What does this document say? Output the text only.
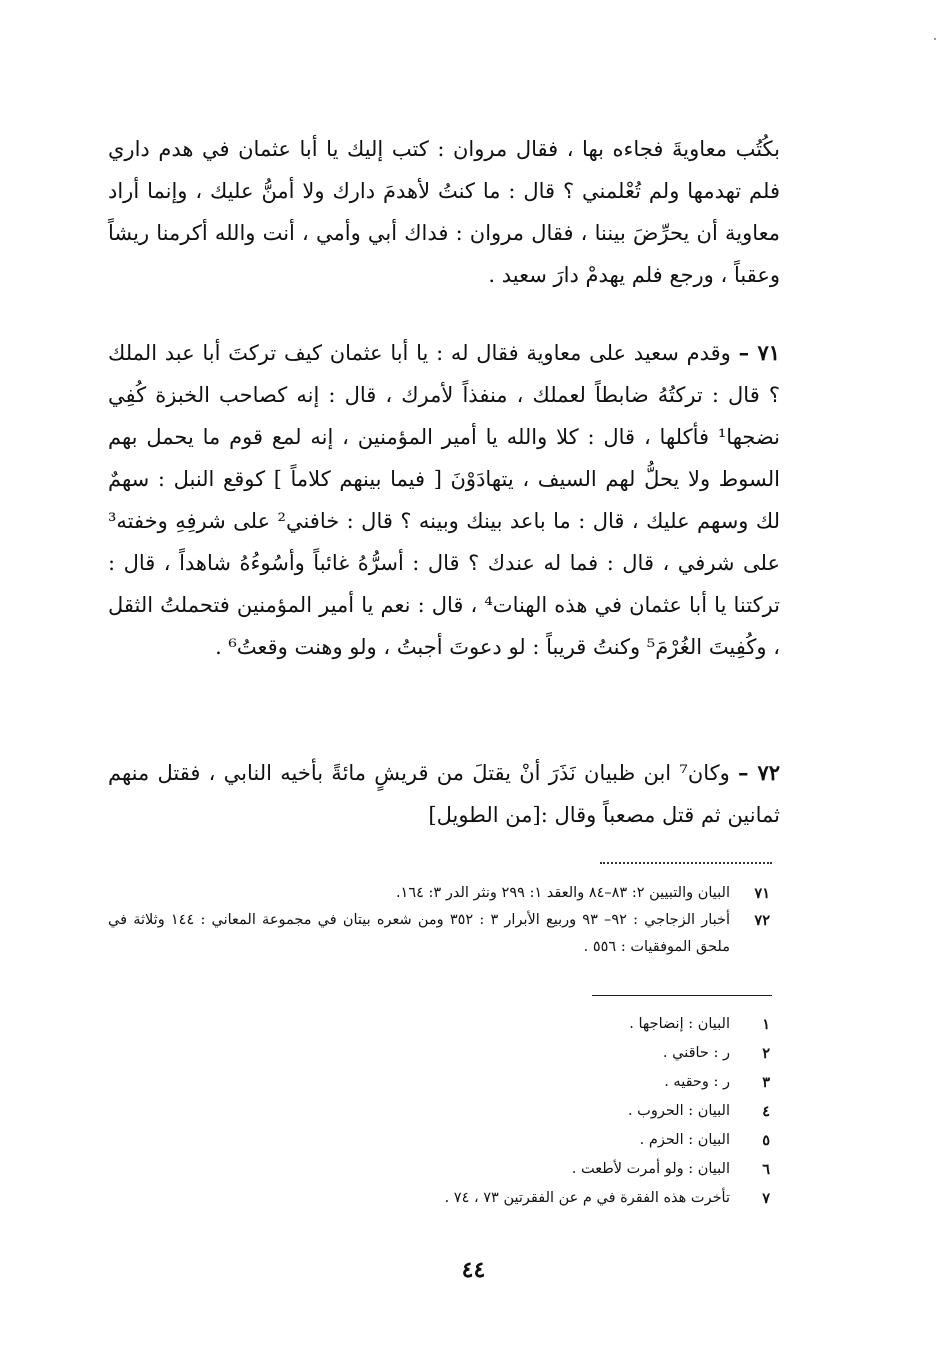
بكُتُب معاويةَ فجاءه بها ، فقال مروان : كتب إليك يا أبا عثمان في هدم داري فلم تهدمها ولم تُعْلمني ؟ قال : ما كنتُ لأهدمَ دارك ولا أمنُّ عليك ، وإنما أراد معاوية أن يحرِّضَ بيننا ، فقال مروان : فداك أبي وأمي ، أنت والله أكرمنا ريشاً وعقباً ، ورجع فلم يهدمْ دارَ سعيد .

٧١ – وقدم سعيد على معاوية فقال له : يا أبا عثمان كيف تركتَ أبا عبد الملك ؟ قال : تركتُهُ ضابطاً لعملك ، منفذاً لأمرك ، قال : إنه كصاحب الخبزة كُفِي نضجها¹ فأكلها ، قال : كلا والله يا أمير المؤمنين ، إنه لمع قوم ما يحمل بهم السوط ولا يحلُّ لهم السيف ، يتهادَوْنَ [ فيما بينهم كلاماً ] كوقع النبل : سهمٌ لك وسهم عليك ، قال : ما باعد بينك وبينه ؟ قال : خافني² على شرفِهِ وخفته³ على شرفي ، قال : فما له عندك ؟ قال : أسرُّهُ غائباً وأسُوءُهُ شاهداً ، قال : تركتنا يا أبا عثمان في هذه الهنات⁴ ، قال : نعم يا أمير المؤمنين فتحملتُ الثقل ، وكُفِيتَ الغُرْمَ⁵ وكنتُ قريباً : لو دعوتَ أجبتُ ، ولو وهنت وقعتُ⁶ .

٧٢ – وكان⁷ ابن ظبيان نَذَرَ أنْ يقتلَ من قريشٍ مائةً بأخيه النابي ، فقتل منهم ثمانين ثم قتل مصعباً وقال :[من الطويل]

٧١
البيان والتبيين ٢: ٨٣–٨٤ والعقد ١: ٢٩٩ ونثر الدر ٣: ١٦٤.

٧٢
أخبار الزجاجي : ٩٢– ٩٣ وربيع الأبرار ٣ : ٣٥٢ ومن شعره بيتان في مجموعة المعاني : ١٤٤ وثلاثة في ملحق الموفقيات : ٥٥٦ .

١
البيان : إنضاجها .
٢
ر : حاقني .
٣
ر : وحقيه .
٤
البيان : الحروب .
٥
البيان : الحزم .
٦
البيان : ولو أمرت لأطعت .
٧
تأخرت هذه الفقرة في م عن الفقرتين ٧٣ ، ٧٤ .
٤٤
